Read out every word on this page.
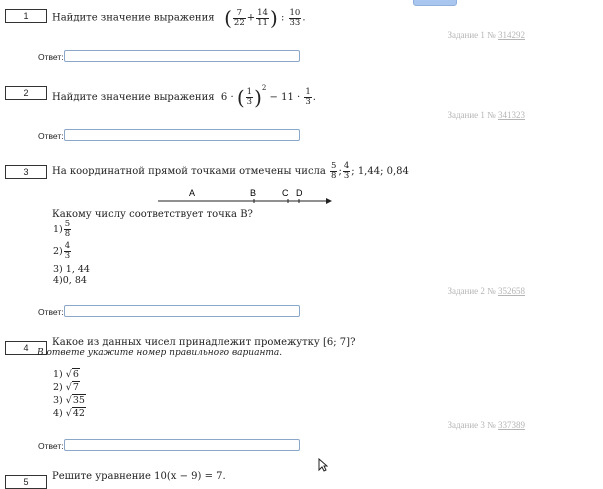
1	Найдите значение выражения ( $\frac{7}{22} + \frac{14}{11}$ ) : $\frac{10}{33}$ .
Задание 1 № 314292
Ответ:
2	Найдите значение выражения 6 · ( $\frac{1}{3} )^2 - 11 \cdot \frac{1}{3}$ .
Задание 1 № 341323
Ответ:
3	На координатной прямой точками отмечены числа $\frac{5}{8}$ ; $\frac{4}{3}$ ; 1,44; 0,84
A	B	C D
Какому числу соответствует точка B?
$1) \frac{5}{8}$
$2) \frac{4}{3}$
3) 1, 44
4)0, 84
Задание 2 № 352658
Ответ:
4	Какое из данных чисел принадлежит промежутку [6; 7]?
В ответе укажите номер правильного варианта.
1) √6
2) √7
3) √35
4) √42
Задание 3 № 337389
Ответ:
5	Решите уравнение 10(x − 9) = 7.
